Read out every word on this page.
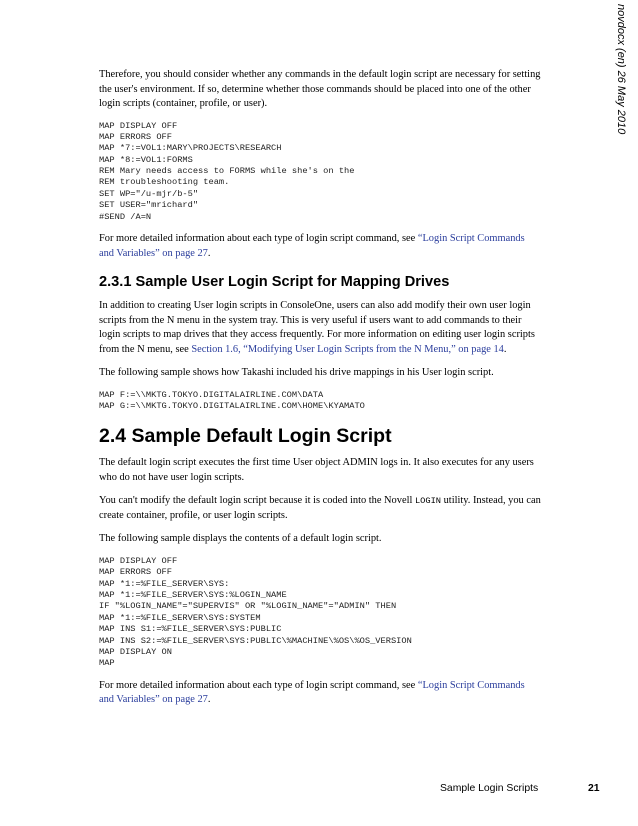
novdocx (en) 26 May 2010

Therefore, you should consider whether any commands in the default login script are necessary for setting the user's environment. If so, determine whether those commands should be placed into one of the other login scripts (container, profile, or user).

MAP DISPLAY OFF
MAP ERRORS OFF
MAP *7:=VOL1:MARY\PROJECTS\RESEARCH
MAP *8:=VOL1:FORMS
REM Mary needs access to FORMS while she's on the
REM troubleshooting team.
SET WP="/u-mjr/b-5"
SET USER="mrichard"
#SEND /A=N

For more detailed information about each type of login script command, see “Login Script Commands and Variables” on page 27.

2.3.1 Sample User Login Script for Mapping Drives

In addition to creating User login scripts in ConsoleOne, users can also add modify their own user login scripts from the N menu in the system tray. This is very useful if users want to add commands to their login scripts to map drives that they access frequently. For more information on editing user login scripts from the N menu, see Section 1.6, “Modifying User Login Scripts from the N Menu,” on page 14.

The following sample shows how Takashi included his drive mappings in his User login script.

MAP F:=\\MKTG.TOKYO.DIGITALAIRLINE.COM\DATA
MAP G:=\\MKTG.TOKYO.DIGITALAIRLINE.COM\HOME\KYAMATO
2.4 Sample Default Login Script

The default login script executes the first time User object ADMIN logs in. It also executes for any users who do not have user login scripts.

You can't modify the default login script because it is coded into the Novell LOGIN utility. Instead, you can create container, profile, or user login scripts.

The following sample displays the contents of a default login script.

MAP DISPLAY OFF
MAP ERRORS OFF
MAP *1:=%FILE_SERVER\SYS:
MAP *1:=%FILE_SERVER\SYS:%LOGIN_NAME
IF "%LOGIN_NAME"="SUPERVIS" OR "%LOGIN_NAME"="ADMIN" THEN
MAP *1:=%FILE_SERVER\SYS:SYSTEM
MAP INS S1:=%FILE_SERVER\SYS:PUBLIC
MAP INS S2:=%FILE_SERVER\SYS:PUBLIC\%MACHINE\%OS\%OS_VERSION
MAP DISPLAY ON
MAP

For more detailed information about each type of login script command, see “Login Script Commands and Variables” on page 27.

Sample Login Scripts	21
